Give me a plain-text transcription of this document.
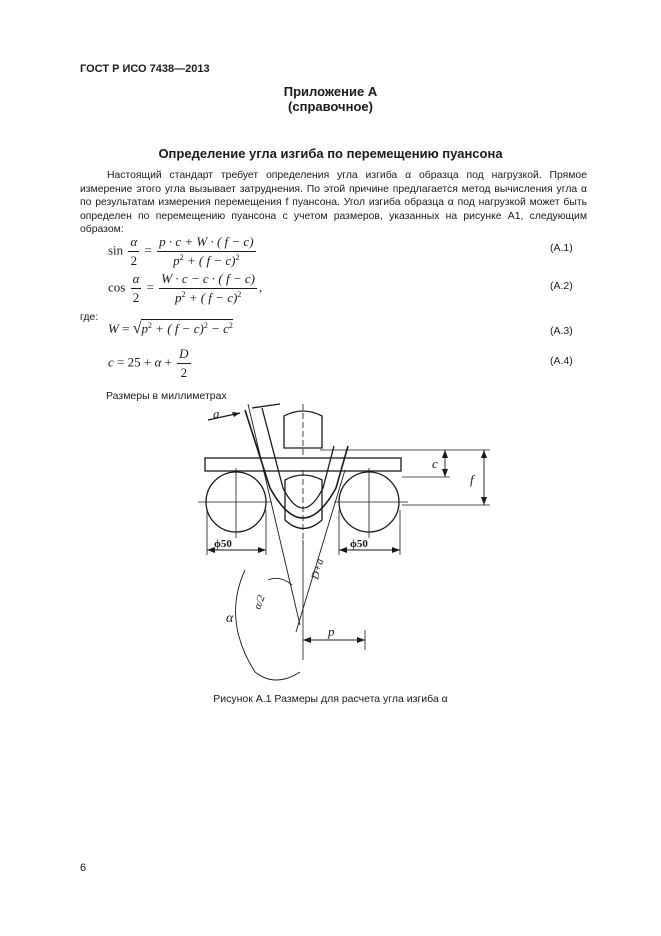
ГОСТ Р ИСО 7438—2013
Приложение А
(справочное)
Определение угла изгиба по перемещению пуансона

Настоящий стандарт требует определения угла изгиба α образца под нагрузкой. Прямое измерение этого угла вызывает затруднения. По этой причине предлагается метод вычисления угла α по результатам измерения перемещения f пуансона. Угол изгиба образца α под нагрузкой может быть определен по перемещению пуансона с учетом размеров, указанных на рисунке А1, следующим образом:

$\sin \frac{\alpha}{2} = \frac{p \cdot c + W \cdot ( f - c)}{p^2 + ( f - c)^2}$	(А.1)
$\cos \frac{\alpha}{2} = \frac{W \cdot c - c \cdot ( f - c)}{p^2 + ( f - c)^2}$ ,	(А.2)
где:
$W = √p^2$ + ( $f - c)^2 - c^2$	(А.3)
$c = 25 + \alpha + \frac{D}{2}$	(А.4)
Размеры в миллиметрах
a
ϕ50	ϕ50
c
f
D+a
α/2
α
p
Рисунок А.1 Размеры для расчета угла изгиба α
6
